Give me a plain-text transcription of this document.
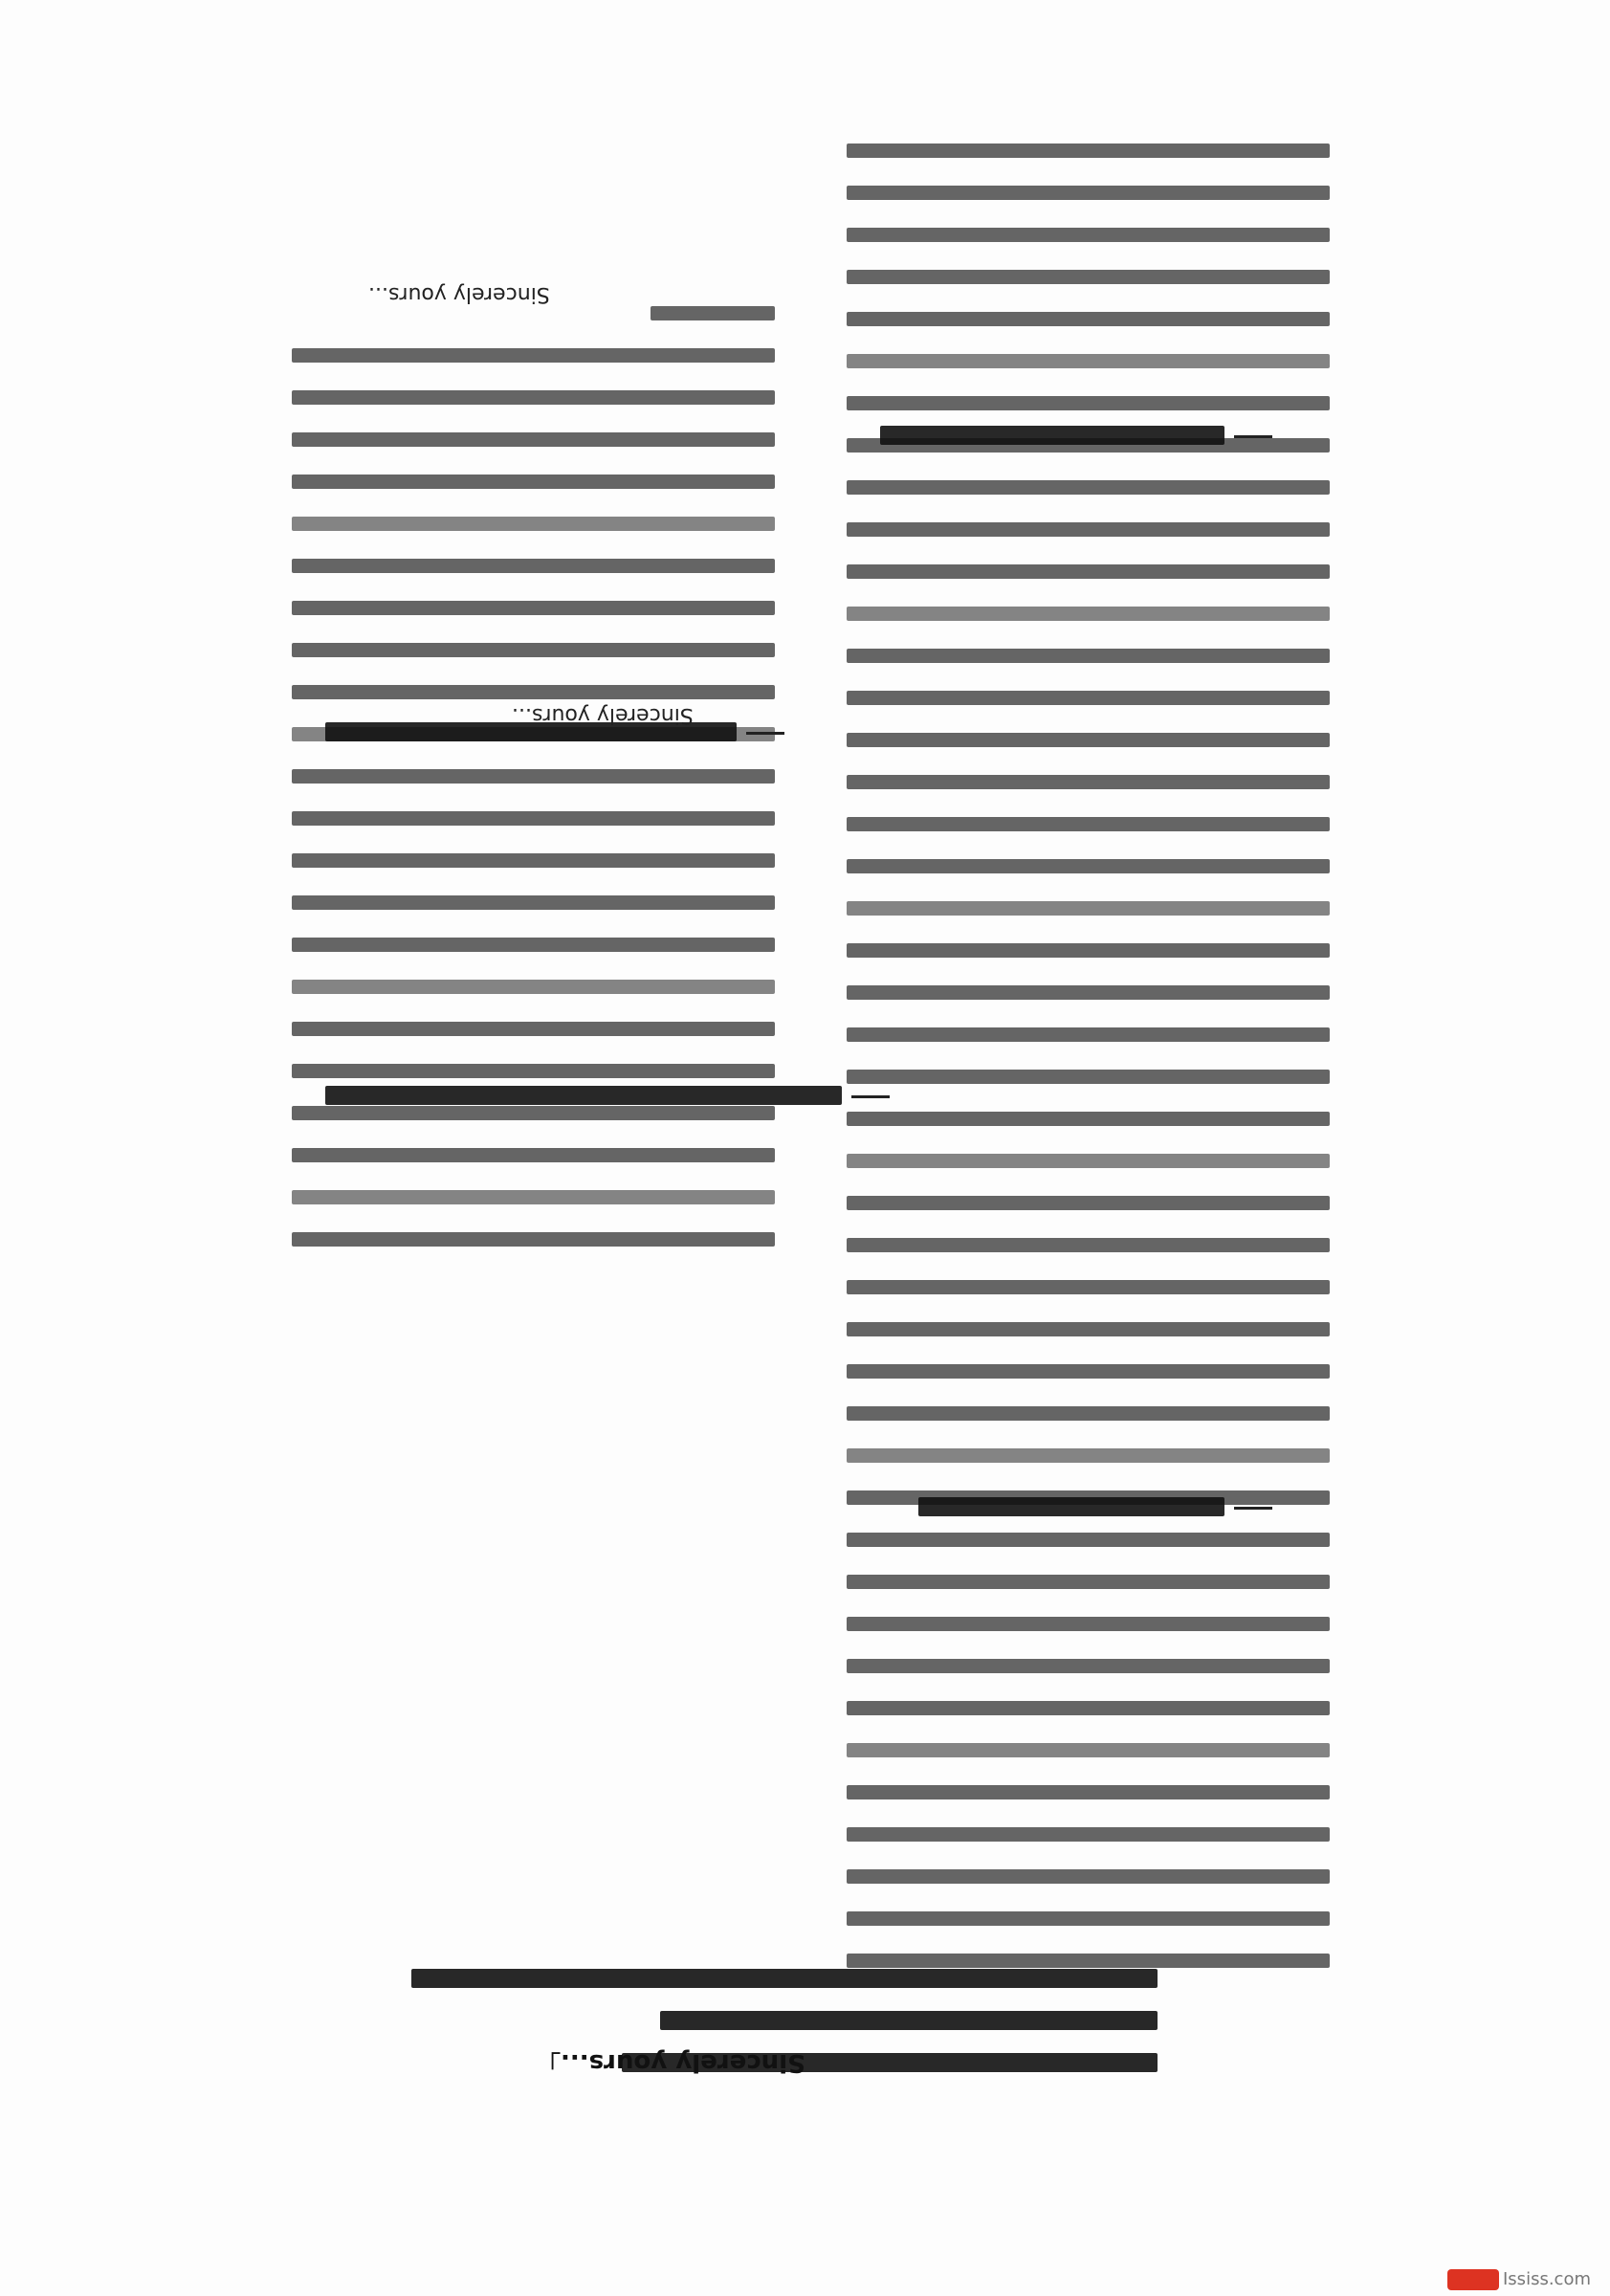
Sincerely yours...」
Sincerely yours...
Sincerely yours...
Ississ.com
